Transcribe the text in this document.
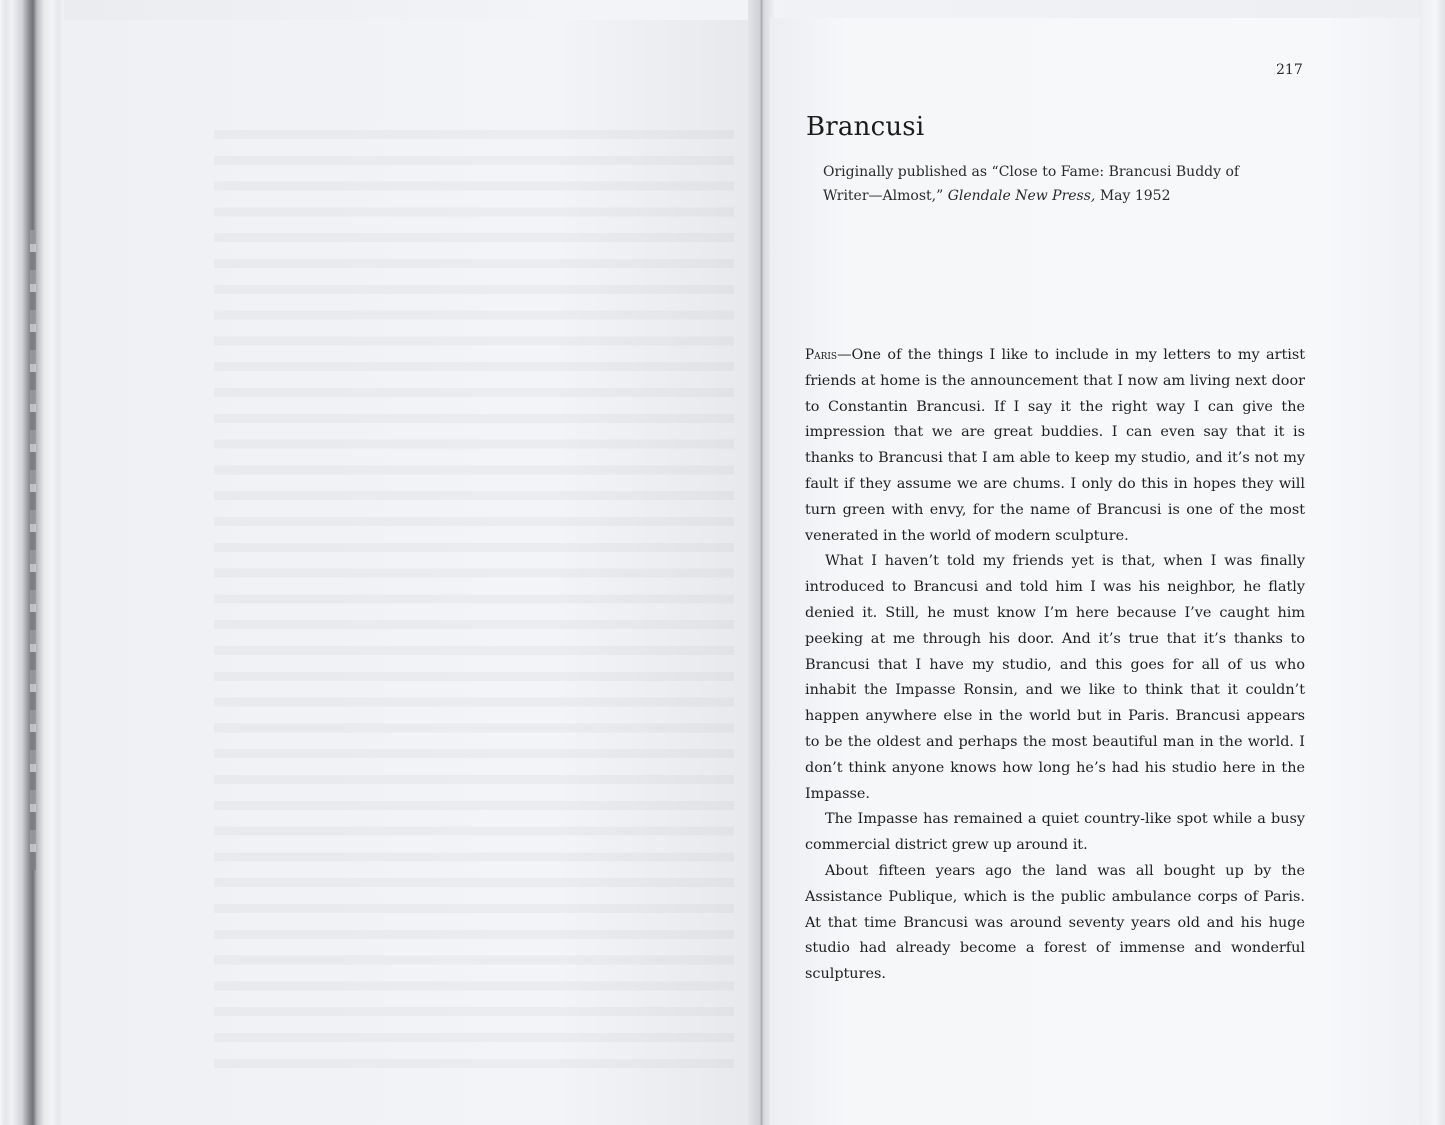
217
Brancusi
Originally published as “Close to Fame: Brancusi Buddy of Writer—Almost,” Glendale New Press, May 1952

Paris—One of the things I like to include in my letters to my artist friends at home is the announcement that I now am living next door to Constantin Brancusi. If I say it the right way I can give the impression that we are great buddies. I can even say that it is thanks to Brancusi that I am able to keep my studio, and it’s not my fault if they assume we are chums. I only do this in hopes they will turn green with envy, for the name of Brancusi is one of the most venerated in the world of modern sculpture.

What I haven’t told my friends yet is that, when I was finally introduced to Brancusi and told him I was his neighbor, he flatly denied it. Still, he must know I’m here because I’ve caught him peeking at me through his door. And it’s true that it’s thanks to Brancusi that I have my studio, and this goes for all of us who inhabit the Impasse Ronsin, and we like to think that it couldn’t happen anywhere else in the world but in Paris. Brancusi appears to be the oldest and perhaps the most beautiful man in the world. I don’t think anyone knows how long he’s had his studio here in the Impasse.

The Impasse has remained a quiet country-like spot while a busy commercial district grew up around it.

About fifteen years ago the land was all bought up by the Assistance Publique, which is the public ambulance corps of Paris. At that time Brancusi was around seventy years old and his huge studio had already become a forest of immense and wonderful sculptures.
